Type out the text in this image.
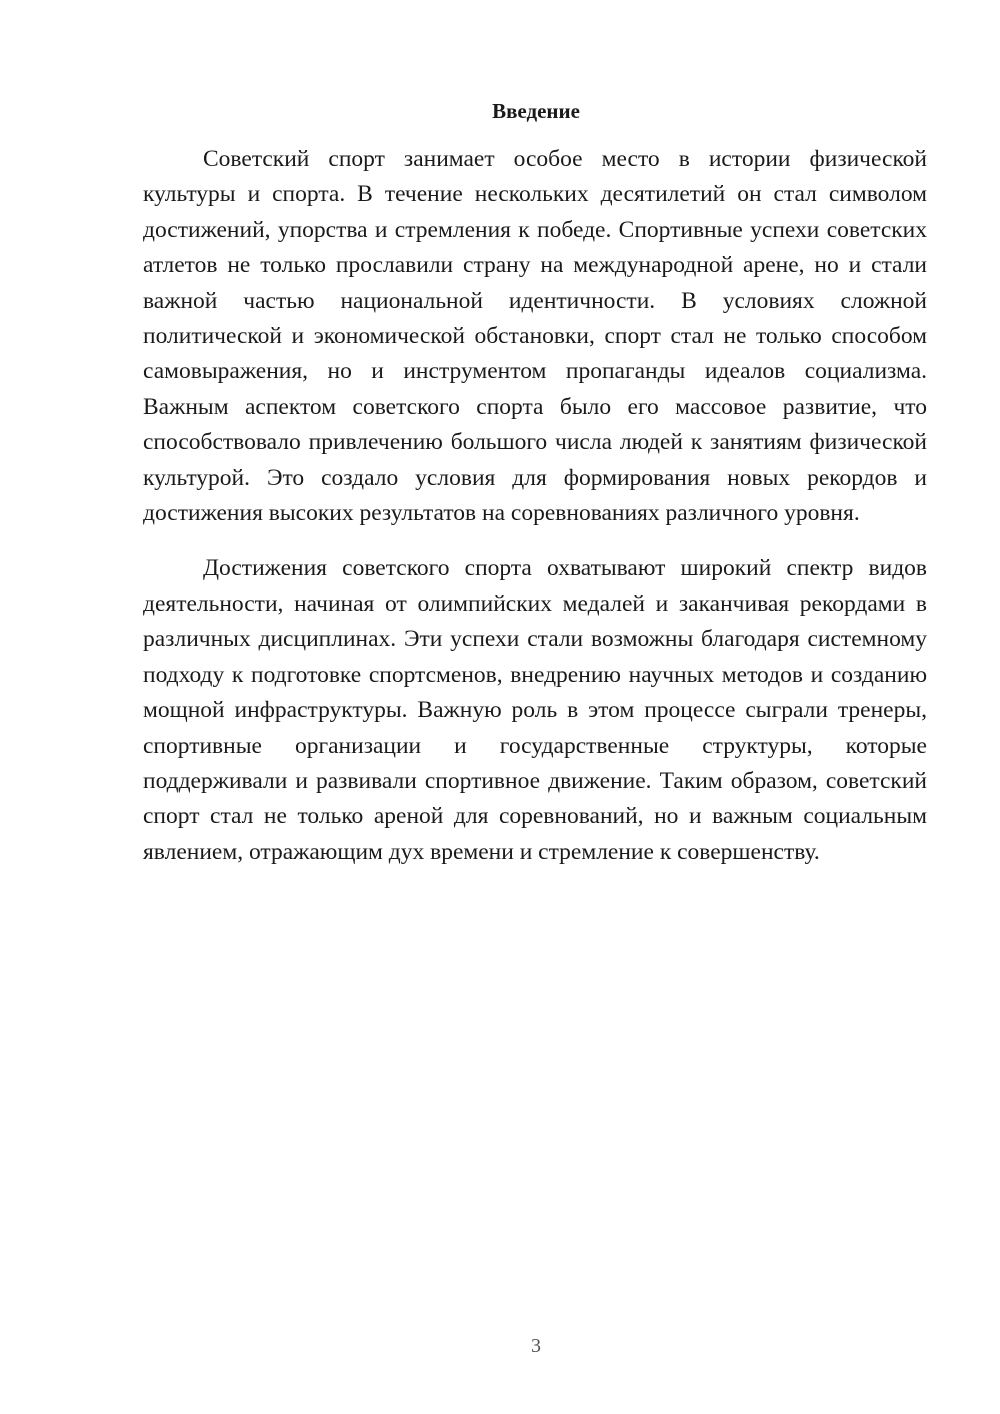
Введение

Советский спорт занимает особое место в истории физической культуры и спорта. В течение нескольких десятилетий он стал символом достижений, упорства и стремления к победе. Спортивные успехи советских атлетов не только прославили страну на международной арене, но и стали важной частью национальной идентичности. В условиях сложной политической и экономической обстановки, спорт стал не только способом самовыражения, но и инструментом пропаганды идеалов социализма. Важным аспектом советского спорта было его массовое развитие, что способствовало привлечению большого числа людей к занятиям физической культурой. Это создало условия для формирования новых рекордов и достижения высоких результатов на соревнованиях различного уровня.

Достижения советского спорта охватывают широкий спектр видов деятельности, начиная от олимпийских медалей и заканчивая рекордами в различных дисциплинах. Эти успехи стали возможны благодаря системному подходу к подготовке спортсменов, внедрению научных методов и созданию мощной инфраструктуры. Важную роль в этом процессе сыграли тренеры, спортивные организации и государственные структуры, которые поддерживали и развивали спортивное движение. Таким образом, советский спорт стал не только ареной для соревнований, но и важным социальным явлением, отражающим дух времени и стремление к совершенству.

3
